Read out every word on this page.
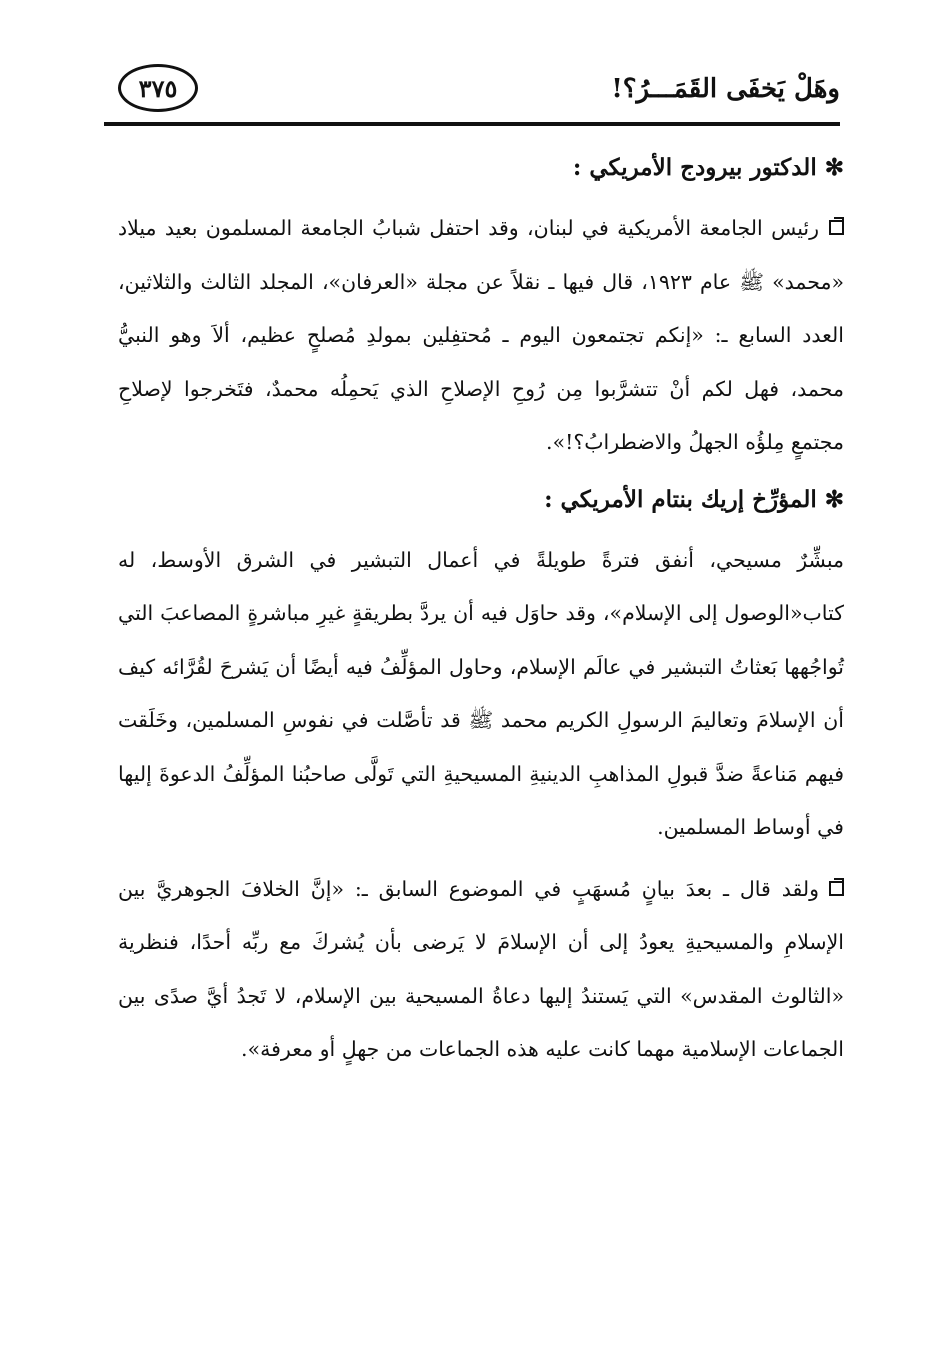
وهَلْ يَخفَى القَمَـــرُ؟!
٣٧٥
✻الدكتور بيرودج الأمريكي :

رئيس الجامعة الأمريكية في لبنان، وقد احتفل شبابُ الجامعة المسلمون بعيد ميلاد «محمد» ﷺ عام ١٩٢٣، قال فيها ـ نقلاً عن مجلة «العرفان»، المجلد الثالث والثلاثين، العدد السابع ـ: «إنكم تجتمعون اليوم ـ مُحتفِلين بمولدِ مُصلحٍ عظيم، ألاَ وهو النبيُّ محمد، فهل لكم أنْ تتشرَّبوا مِن رُوحِ الإصلاحِ الذي يَحمِلُه محمدٌ، فتَخرجوا لإصلاحِ مجتمعٍ مِلؤُه الجهلُ والاضطرابُ؟!».

✻المؤرِّخ إريك بنتام الأمريكي :

مبشِّرٌ مسيحي، أنفق فترةً طويلةً في أعمال التبشير في الشرق الأوسط، له كتاب«الوصول إلى الإسلام»، وقد حاوَل فيه أن يردَّ بطريقةٍ غيرِ مباشرةٍ المصاعبَ التي تُواجُهها بَعثاتُ التبشير في عالَم الإسلام، وحاول المؤلِّفُ فيه أيضًا أن يَشرحَ لقُرَّائه كيف أن الإسلامَ وتعاليمَ الرسولِ الكريم محمد ﷺ قد تأصَّلت في نفوسِ المسلمين، وخَلَقت فيهم مَناعةً ضدَّ قبولِ المذاهبِ الدينيةِ المسيحيةِ التي تَولَّى صاحبُنا المؤلِّفُ الدعوةَ إليها في أوساط المسلمين.

ولقد قال ـ بعدَ بيانٍ مُسهَبٍ في الموضوع السابق ـ: «إنَّ الخلافَ الجوهريَّ بين الإسلامِ والمسيحيةِ يعودُ إلى أن الإسلامَ لا يَرضى بأن يُشركَ مع ربِّه أحدًا، فنظرية «الثالوث المقدس» التي يَستندُ إليها دعاةُ المسيحية بين الإسلام، لا تَجدُ أيَّ صدًى بين الجماعات الإسلامية مهما كانت عليه هذه الجماعات من جهلٍ أو معرفة».
